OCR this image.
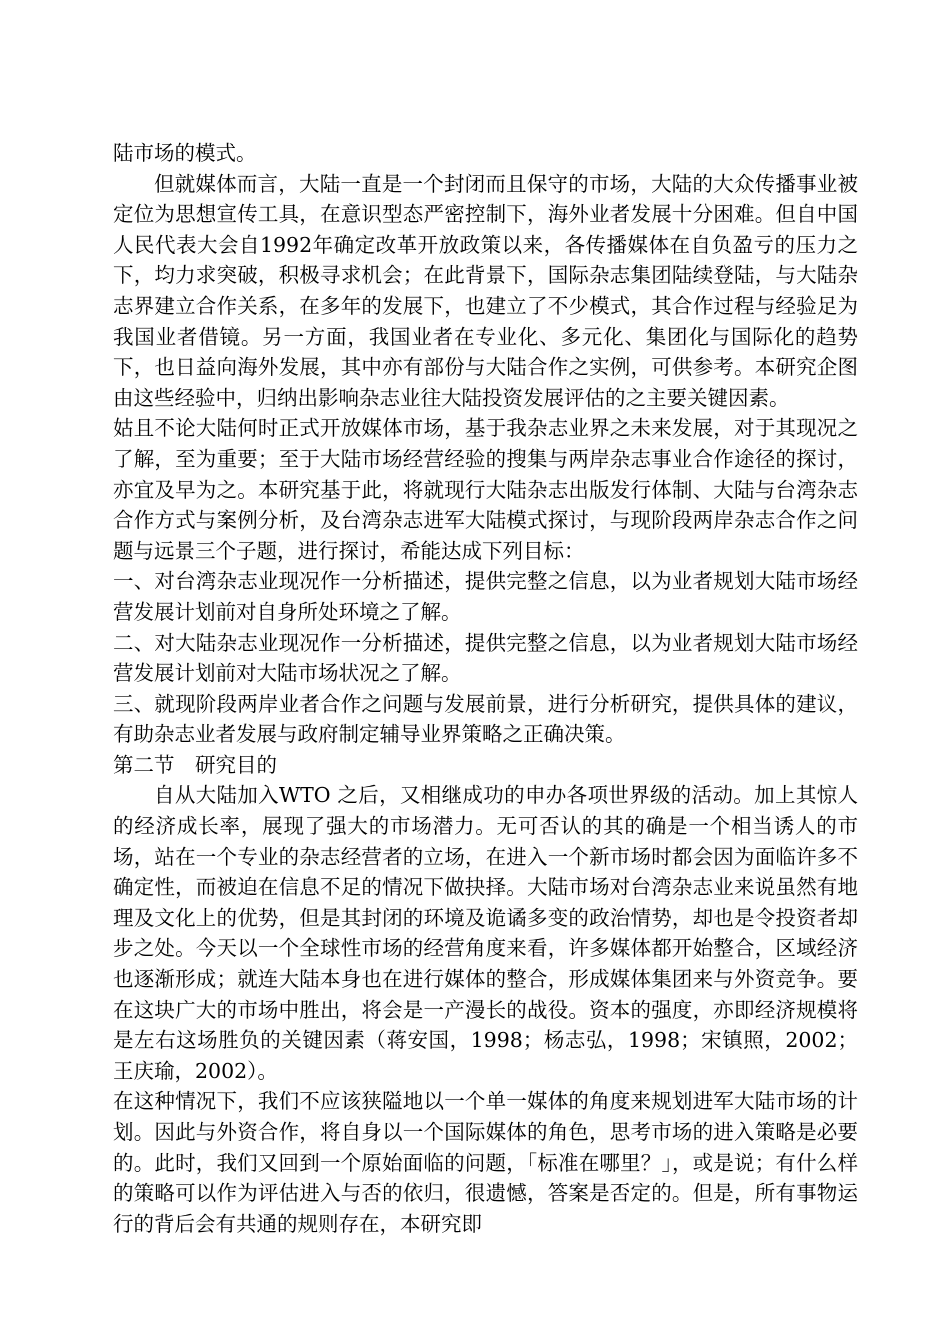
陆市场的模式。

但就媒体而言，大陆一直是一个封闭而且保守的市场，大陆的大众传播事业被定位为思想宣传工具，在意识型态严密控制下，海外业者发展十分困难。但自中国人民代表大会自1992年确定改革开放政策以来，各传播媒体在自负盈亏的压力之下，均力求突破，积极寻求机会；在此背景下，国际杂志集团陆续登陆，与大陆杂志界建立合作关系，在多年的发展下，也建立了不少模式，其合作过程与经验足为我国业者借镜。另一方面，我国业者在专业化、多元化、集团化与国际化的趋势下，也日益向海外发展，其中亦有部份与大陆合作之实例，可供参考。本研究企图由这些经验中，归纳出影响杂志业往大陆投资发展评估的之主要关键因素。

姑且不论大陆何时正式开放媒体市场，基于我杂志业界之未来发展，对于其现况之了解，至为重要；至于大陆市场经营经验的搜集与两岸杂志事业合作途径的探讨，亦宜及早为之。本研究基于此，将就现行大陆杂志出版发行体制、大陆与台湾杂志合作方式与案例分析，及台湾杂志进军大陆模式探讨，与现阶段两岸杂志合作之问题与远景三个子题，进行探讨，希能达成下列目标：

一、对台湾杂志业现况作一分析描述，提供完整之信息，以为业者规划大陆市场经营发展计划前对自身所处环境之了解。

二、对大陆杂志业现况作一分析描述，提供完整之信息，以为业者规划大陆市场经营发展计划前对大陆市场状况之了解。

三、就现阶段两岸业者合作之问题与发展前景，进行分析研究，提供具体的建议，有助杂志业者发展与政府制定辅导业界策略之正确决策。

第二节　研究目的

自从大陆加入WTO 之后，又相继成功的申办各项世界级的活动。加上其惊人的经济成长率，展现了强大的市场潜力。无可否认的其的确是一个相当诱人的市场，站在一个专业的杂志经营者的立场，在进入一个新市场时都会因为面临许多不确定性，而被迫在信息不足的情况下做抉择。大陆市场对台湾杂志业来说虽然有地理及文化上的优势，但是其封闭的环境及诡谲多变的政治情势，却也是令投资者却步之处。今天以一个全球性市场的经营角度来看，许多媒体都开始整合，区域经济也逐渐形成；就连大陆本身也在进行媒体的整合，形成媒体集团来与外资竞争。要在这块广大的市场中胜出，将会是一产漫长的战役。资本的强度，亦即经济规模将是左右这场胜负的关键因素（蒋安国，1998；杨志弘，1998；宋镇照，2002；王庆瑜，2002）。

在这种情况下，我们不应该狭隘地以一个单一媒体的角度来规划进军大陆市场的计划。因此与外资合作，将自身以一个国际媒体的角色，思考市场的进入策略是必要的。此时，我们又回到一个原始面临的问题，「标准在哪里？」，或是说；有什么样的策略可以作为评估进入与否的依归，很遗憾，答案是否定的。但是，所有事物运行的背后会有共通的规则存在，本研究即
